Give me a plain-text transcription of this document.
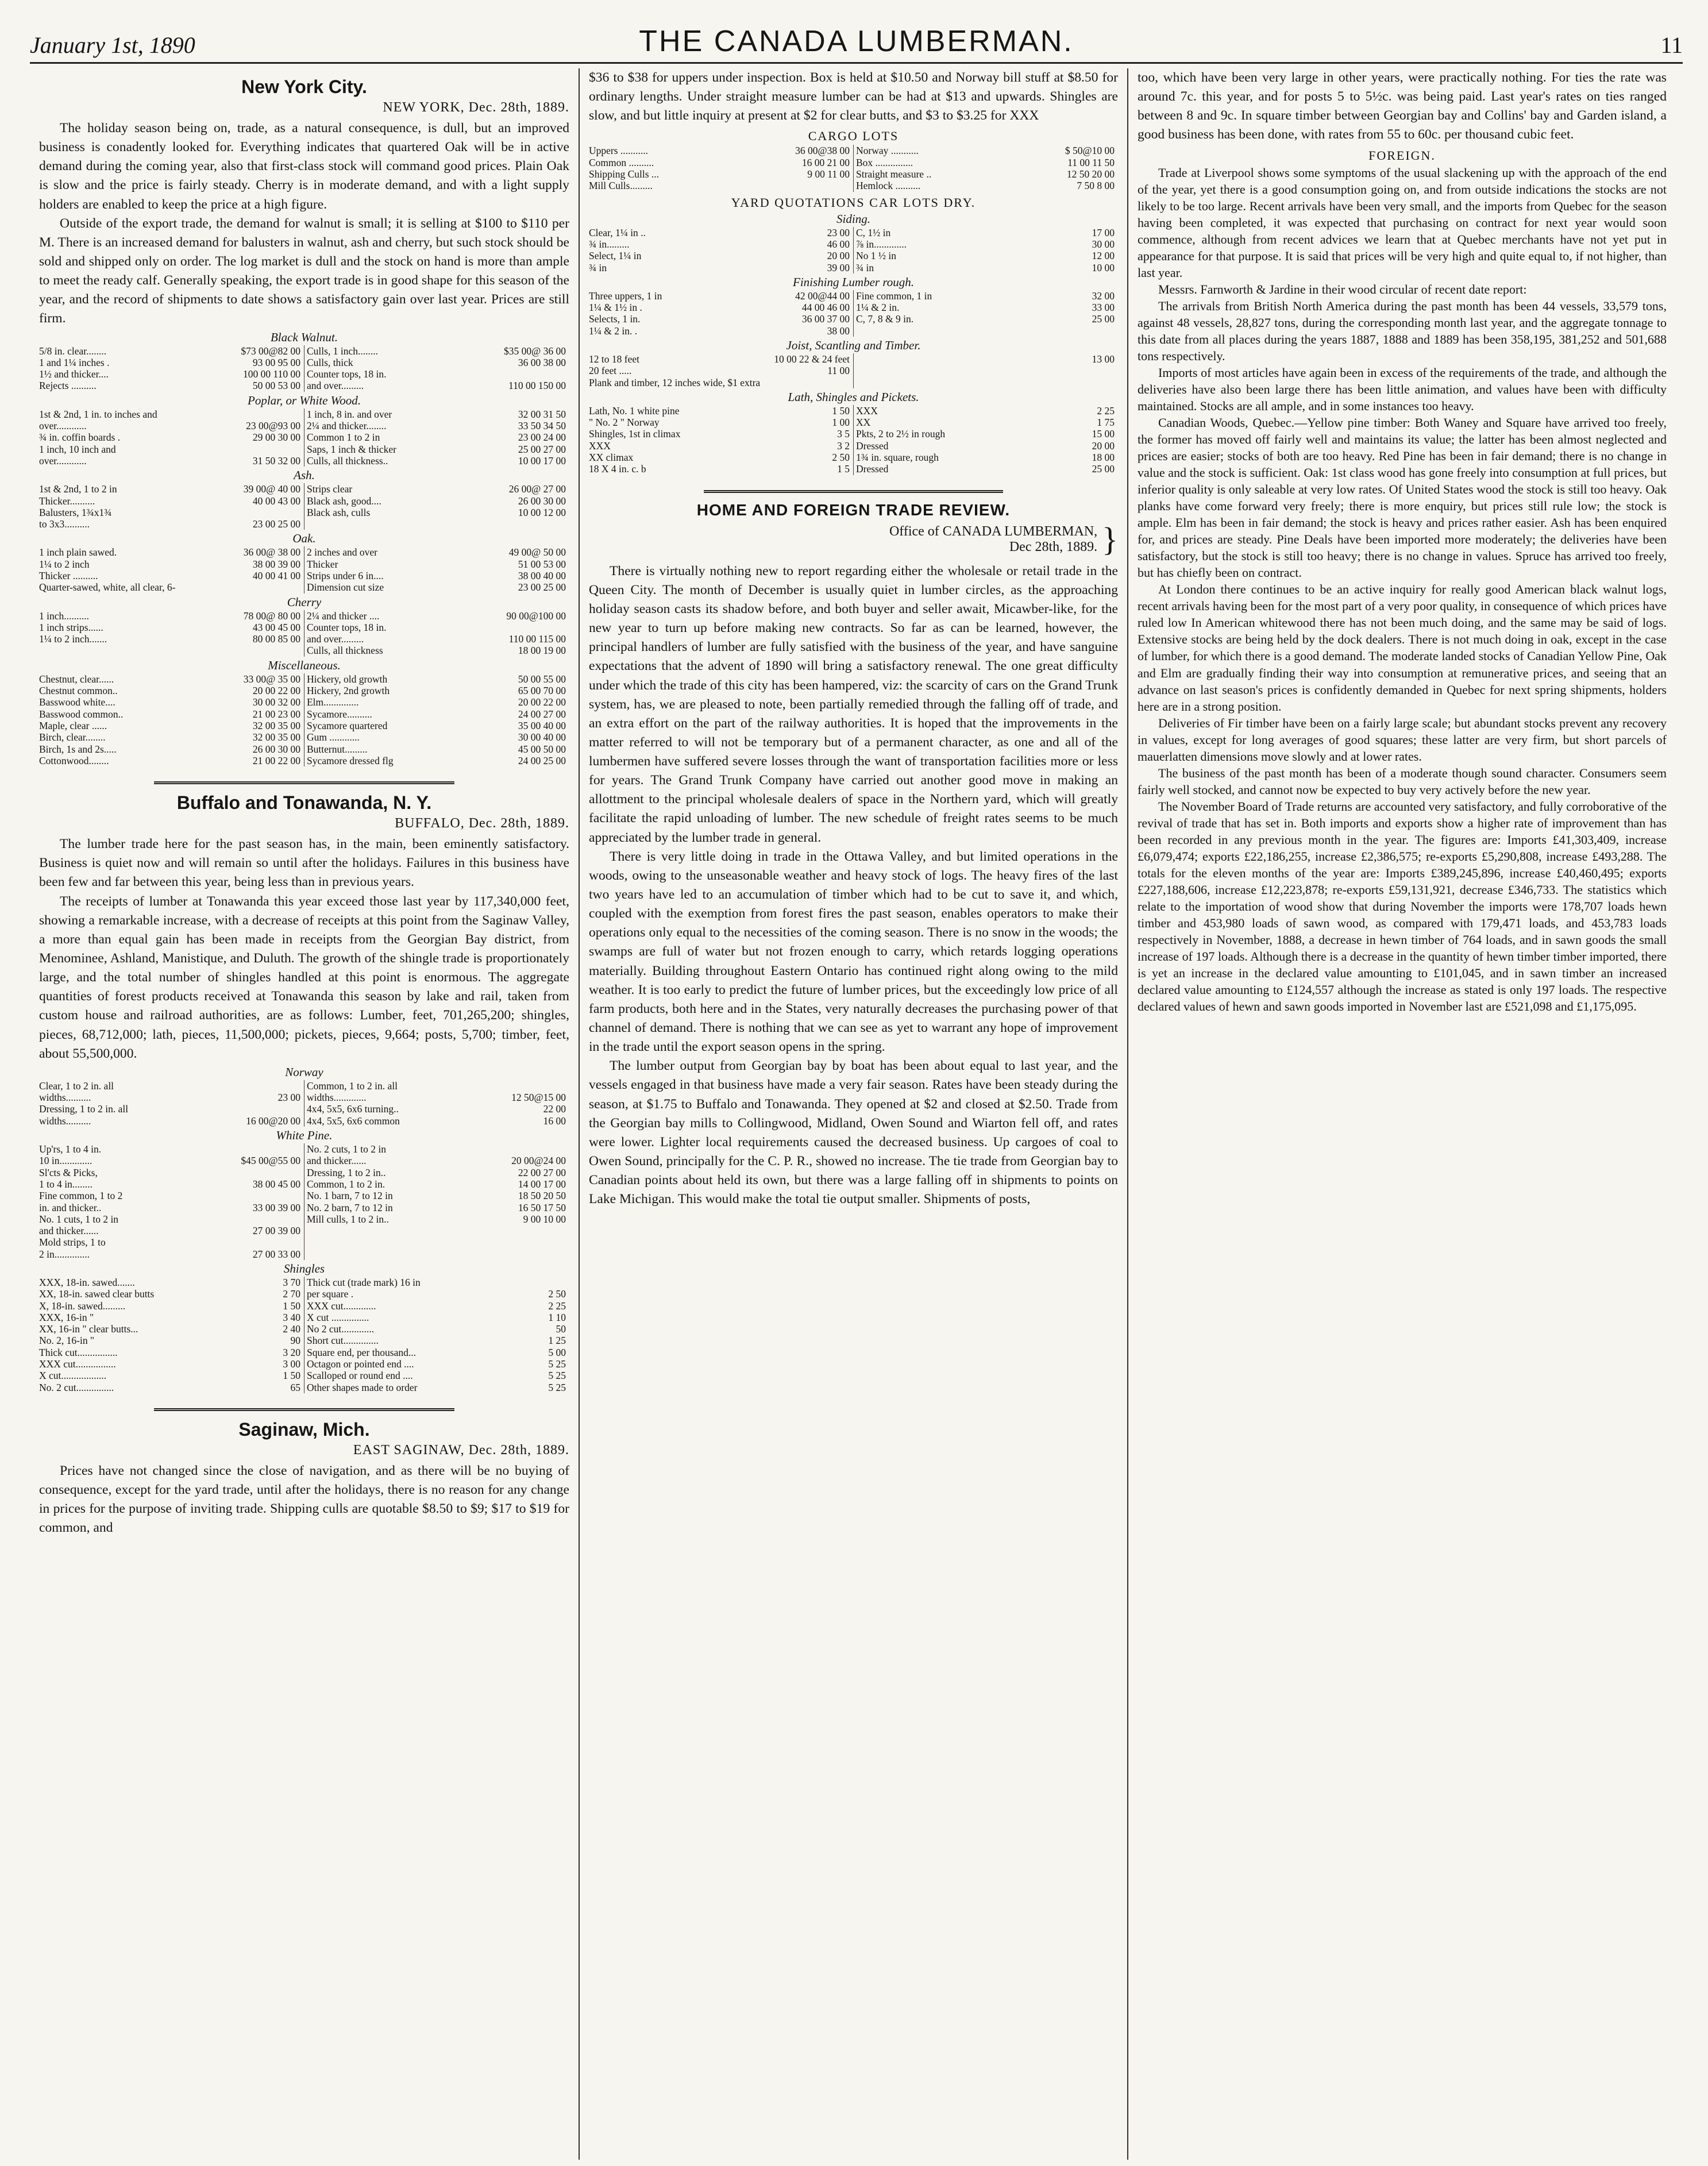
January 1st, 1890	THE CANADA LUMBERMAN.	11
New York City.
NEW YORK, Dec. 28th, 1889.

The holiday season being on, trade, as a natural consequence, is dull, but an improved business is conadently looked for. Everything indicates that quartered Oak will be in active demand during the coming year, also that first-class stock will command good prices. Plain Oak is slow and the price is fairly steady. Cherry is in moderate demand, and with a light supply holders are enabled to keep the price at a high figure.

Outside of the export trade, the demand for walnut is small; it is selling at $100 to $110 per M. There is an increased demand for balusters in walnut, ash and cherry, but such stock should be sold and shipped only on order. The log market is dull and the stock on hand is more than ample to meet the ready calf. Generally speaking, the export trade is in good shape for this season of the year, and the record of shipments to date shows a satisfactory gain over last year. Prices are still firm.

Black Walnut.
5/8 in. clear........	$73 00@82 00	Culls, 1 inch........	$35 00@ 36 00
1 and 1¼ inches .	93 00 95 00	Culls, thick	36 00 38 00
1½ and thicker....	100 00 110 00	Counter tops, 18 in.	
Rejects ..........	50 00 53 00	and over.........	110 00 150 00
Poplar, or White Wood.
1st & 2nd, 1 in. to inches and		1 inch, 8 in. and over	32 00 31 50
over............	23 00@93 00	2¼ and thicker........	33 50 34 50
¾ in. coffin boards .	29 00 30 00	Common 1 to 2 in	23 00 24 00
1 inch, 10 inch and		Saps, 1 inch & thicker	25 00 27 00
over............	31 50 32 00	Culls, all thickness..	10 00 17 00
Ash.
1st & 2nd, 1 to 2 in	39 00@ 40 00	Strips clear	26 00@ 27 00
Thicker..........	40 00 43 00	Black ash, good....	26 00 30 00
Balusters, 1¾x1¾		Black ash, culls	10 00 12 00
to 3x3..........	23 00 25 00		
Oak.
1 inch plain sawed.	36 00@ 38 00	2 inches and over	49 00@ 50 00
1¼ to 2 inch	38 00 39 00	Thicker	51 00 53 00
Thicker ..........	40 00 41 00	Strips under 6 in....	38 00 40 00
Quarter-sawed, white, all clear, 6-		Dimension cut size	23 00 25 00
Cherry
1 inch..........	78 00@ 80 00	2¼ and thicker ....	90 00@100 00
1 inch strips......	43 00 45 00	Counter tops, 18 in.	
1¼ to 2 inch.......	80 00 85 00	and over.........	110 00 115 00
		Culls, all thickness	18 00 19 00
Miscellaneous.
Chestnut, clear......	33 00@ 35 00	Hickery, old growth	50 00 55 00
Chestnut common..	20 00 22 00	Hickery, 2nd growth	65 00 70 00
Basswood white....	30 00 32 00	Elm..............	20 00 22 00
Basswood common..	21 00 23 00	Sycamore..........	24 00 27 00
Maple, clear ......	32 00 35 00	Sycamore quartered	35 00 40 00
Birch, clear........	32 00 35 00	Gum ............	30 00 40 00
Birch, 1s and 2s.....	26 00 30 00	Butternut.........	45 00 50 00
Cottonwood........	21 00 22 00	Sycamore dressed flg	24 00 25 00
Buffalo and Tonawanda, N. Y.
BUFFALO, Dec. 28th, 1889.

The lumber trade here for the past season has, in the main, been eminently satisfactory. Business is quiet now and will remain so until after the holidays. Failures in this business have been few and far between this year, being less than in previous years.

The receipts of lumber at Tonawanda this year exceed those last year by 117,340,000 feet, showing a remarkable increase, with a decrease of receipts at this point from the Saginaw Valley, a more than equal gain has been made in receipts from the Georgian Bay district, from Menominee, Ashland, Manistique, and Duluth. The growth of the shingle trade is proportionately large, and the total number of shingles handled at this point is enormous. The aggregate quantities of forest products received at Tonawanda this season by lake and rail, taken from custom house and railroad authorities, are as follows: Lumber, feet, 701,265,200; shingles, pieces, 68,712,000; lath, pieces, 11,500,000; pickets, pieces, 9,664; posts, 5,700; timber, feet, about 55,500,000.

Norway
Clear, 1 to 2 in. all		Common, 1 to 2 in. all	
widths..........	23 00	widths.............	12 50@15 00
Dressing, 1 to 2 in. all		4x4, 5x5, 6x6 turning..	22 00
widths..........	16 00@20 00	4x4, 5x5, 6x6 common	16 00
White Pine.
Up'rs, 1 to 4 in.		No. 2 cuts, 1 to 2 in	
10 in.............	$45 00@55 00	and thicker......	20 00@24 00
Sl'cts & Picks,		Dressing, 1 to 2 in..	22 00 27 00
1 to 4 in........	38 00 45 00	Common, 1 to 2 in.	14 00 17 00
Fine common, 1 to 2		No. 1 barn, 7 to 12 in	18 50 20 50
in. and thicker..	33 00 39 00	No. 2 barn, 7 to 12 in	16 50 17 50
No. 1 cuts, 1 to 2 in		Mill culls, 1 to 2 in..	9 00 10 00
and thicker......	27 00 39 00		
Mold strips, 1 to			
2 in..............	27 00 33 00		
Shingles
XXX, 18-in. sawed.......	3 70	Thick cut (trade mark) 16 in	
XX, 18-in. sawed clear butts	2 70	per square .	2 50
X, 18-in. sawed.........	1 50	XXX cut.............	2 25
XXX, 16-in "	3 40	X cut ...............	1 10
XX, 16-in " clear butts...	2 40	No 2 cut.............	50
No. 2, 16-in "	90	Short cut..............	1 25
Thick cut................	3 20	Square end, per thousand...	5 00
XXX cut................	3 00	Octagon or pointed end ....	5 25
X cut..................	1 50	Scalloped or round end ....	5 25
No. 2 cut...............	65	Other shapes made to order	5 25
Saginaw, Mich.
EAST SAGINAW, Dec. 28th, 1889.

Prices have not changed since the close of navigation, and as there will be no buying of consequence, except for the yard trade, until after the holidays, there is no reason for any change in prices for the purpose of inviting trade. Shipping culls are quotable $8.50 to $9; $17 to $19 for common, and

$36 to $38 for uppers under inspection. Box is held at $10.50 and Norway bill stuff at $8.50 for ordinary lengths. Under straight measure lumber can be had at $13 and upwards. Shingles are slow, and but little inquiry at present at $2 for clear butts, and $3 to $3.25 for XXX

CARGO LOTS
Uppers ...........	36 00@38 00	Norway ...........	$ 50@10 00
Common ..........	16 00 21 00	Box ...............	11 00 11 50
Shipping Culls ...	9 00 11 00	Straight measure ..	12 50 20 00
Mill Culls.........		Hemlock ..........	7 50 8 00
YARD QUOTATIONS CAR LOTS DRY.
Siding.
Clear, 1¼ in ..	23 00	C, 1½ in	17 00
¾ in.........	46 00	⅞ in.............	30 00
Select, 1¼ in	20 00	No 1 ½ in	12 00
¾ in	39 00	¾ in	10 00
Finishing Lumber rough.
Three uppers, 1 in	42 00@44 00	Fine common, 1 in	32 00
1¼ & 1½ in .	44 00 46 00	1¼ & 2 in.	33 00
Selects, 1 in.	36 00 37 00	C, 7, 8 & 9 in.	25 00
1¼ & 2 in. .	38 00		
Joist, Scantling and Timber.
12 to 18 feet	10 00 22 & 24 feet		13 00
20 feet .....	11 00		
Plank and timber, 12 inches wide, $1 extra			
Lath, Shingles and Pickets.
Lath, No. 1 white pine	1 50	XXX	2 25
" No. 2 " Norway	1 00	XX	1 75
Shingles, 1st in climax	3 5	Pkts, 2 to 2½ in rough	15 00
XXX	3 2	Dressed	20 00
XX climax	2 50	1¾ in. square, rough	18 00
18 X 4 in. c. b	1 5	Dressed	25 00
HOME AND FOREIGN TRADE REVIEW.
Office of CANADA LUMBERMAN,
Dec 28th, 1889. }

There is virtually nothing new to report regarding either the wholesale or retail trade in the Queen City. The month of December is usually quiet in lumber circles, as the approaching holiday season casts its shadow before, and both buyer and seller await, Micawber-like, for the new year to turn up before making new contracts. So far as can be learned, however, the principal handlers of lumber are fully satisfied with the business of the year, and have sanguine expectations that the advent of 1890 will bring a satisfactory renewal. The one great difficulty under which the trade of this city has been hampered, viz: the scarcity of cars on the Grand Trunk system, has, we are pleased to note, been partially remedied through the falling off of trade, and an extra effort on the part of the railway authorities. It is hoped that the improvements in the matter referred to will not be temporary but of a permanent character, as one and all of the lumbermen have suffered severe losses through the want of transportation facilities more or less for years. The Grand Trunk Company have carried out another good move in making an allottment to the principal wholesale dealers of space in the Northern yard, which will greatly facilitate the rapid unloading of lumber. The new schedule of freight rates seems to be much appreciated by the lumber trade in general.

There is very little doing in trade in the Ottawa Valley, and but limited operations in the woods, owing to the unseasonable weather and heavy stock of logs. The heavy fires of the last two years have led to an accumulation of timber which had to be cut to save it, and which, coupled with the exemption from forest fires the past season, enables operators to make their operations only equal to the necessities of the coming season. There is no snow in the woods; the swamps are full of water but not frozen enough to carry, which retards logging operations materially. Building throughout Eastern Ontario has continued right along owing to the mild weather. It is too early to predict the future of lumber prices, but the exceedingly low price of all farm products, both here and in the States, very naturally decreases the purchasing power of that channel of demand. There is nothing that we can see as yet to warrant any hope of improvement in the trade until the export season opens in the spring.

The lumber output from Georgian bay by boat has been about equal to last year, and the vessels engaged in that business have made a very fair season. Rates have been steady during the season, at $1.75 to Buffalo and Tonawanda. They opened at $2 and closed at $2.50. Trade from the Georgian bay mills to Collingwood, Midland, Owen Sound and Wiarton fell off, and rates were lower. Lighter local requirements caused the decreased business. Up cargoes of coal to Owen Sound, principally for the C. P. R., showed no increase. The tie trade from Georgian bay to Canadian points about held its own, but there was a large falling off in shipments to points on Lake Michigan. This would make the total tie output smaller. Shipments of posts,

too, which have been very large in other years, were practically nothing. For ties the rate was around 7c. this year, and for posts 5 to 5½c. was being paid. Last year's rates on ties ranged between 8 and 9c. In square timber between Georgian bay and Collins' bay and Garden island, a good business has been done, with rates from 55 to 60c. per thousand cubic feet.

FOREIGN.

Trade at Liverpool shows some symptoms of the usual slackening up with the approach of the end of the year, yet there is a good consumption going on, and from outside indications the stocks are not likely to be too large. Recent arrivals have been very small, and the imports from Quebec for the season having been completed, it was expected that purchasing on contract for next year would soon commence, although from recent advices we learn that at Quebec merchants have not yet put in appearance for that purpose. It is said that prices will be very high and quite equal to, if not higher, than last year.

Messrs. Farnworth & Jardine in their wood circular of recent date report:

The arrivals from British North America during the past month has been 44 vessels, 33,579 tons, against 48 vessels, 28,827 tons, during the corresponding month last year, and the aggregate tonnage to this date from all places during the years 1887, 1888 and 1889 has been 358,195, 381,252 and 501,688 tons respectively.

Imports of most articles have again been in excess of the requirements of the trade, and although the deliveries have also been large there has been little animation, and values have been with difficulty maintained. Stocks are all ample, and in some instances too heavy.

Canadian Woods, Quebec.—Yellow pine timber: Both Waney and Square have arrived too freely, the former has moved off fairly well and maintains its value; the latter has been almost neglected and prices are easier; stocks of both are too heavy. Red Pine has been in fair demand; there is no change in value and the stock is sufficient. Oak: 1st class wood has gone freely into consumption at full prices, but inferior quality is only saleable at very low rates. Of United States wood the stock is still too heavy. Oak planks have come forward very freely; there is more enquiry, but prices still rule low; the stock is ample. Elm has been in fair demand; the stock is heavy and prices rather easier. Ash has been enquired for, and prices are steady. Pine Deals have been imported more moderately; the deliveries have been satisfactory, but the stock is still too heavy; there is no change in values. Spruce has arrived too freely, but has chiefly been on contract.

At London there continues to be an active inquiry for really good American black walnut logs, recent arrivals having been for the most part of a very poor quality, in consequence of which prices have ruled low In American whitewood there has not been much doing, and the same may be said of logs. Extensive stocks are being held by the dock dealers. There is not much doing in oak, except in the case of lumber, for which there is a good demand. The moderate landed stocks of Canadian Yellow Pine, Oak and Elm are gradually finding their way into consumption at remunerative prices, and seeing that an advance on last season's prices is confidently demanded in Quebec for next spring shipments, holders here are in a strong position.

Deliveries of Fir timber have been on a fairly large scale; but abundant stocks prevent any recovery in values, except for long averages of good squares; these latter are very firm, but short parcels of mauerlatten dimensions move slowly and at lower rates.

The business of the past month has been of a moderate though sound character. Consumers seem fairly well stocked, and cannot now be expected to buy very actively before the new year.

The November Board of Trade returns are accounted very satisfactory, and fully corroborative of the revival of trade that has set in. Both imports and exports show a higher rate of improvement than has been recorded in any previous month in the year. The figures are: Imports £41,303,409, increase £6,079,474; exports £22,186,255, increase £2,386,575; re-exports £5,290,808, increase £493,288. The totals for the eleven months of the year are: Imports £389,245,896, increase £40,460,495; exports £227,188,606, increase £12,223,878; re-exports £59,131,921, decrease £346,733. The statistics which relate to the importation of wood show that during November the imports were 178,707 loads hewn timber and 453,980 loads of sawn wood, as compared with 179,471 loads, and 453,783 loads respectively in November, 1888, a decrease in hewn timber of 764 loads, and in sawn goods the small increase of 197 loads. Although there is a decrease in the quantity of hewn timber timber imported, there is yet an increase in the declared value amounting to £101,045, and in sawn timber an increased declared value amounting to £124,557 although the increase as stated is only 197 loads. The respective declared values of hewn and sawn goods imported in November last are £521,098 and £1,175,095.
